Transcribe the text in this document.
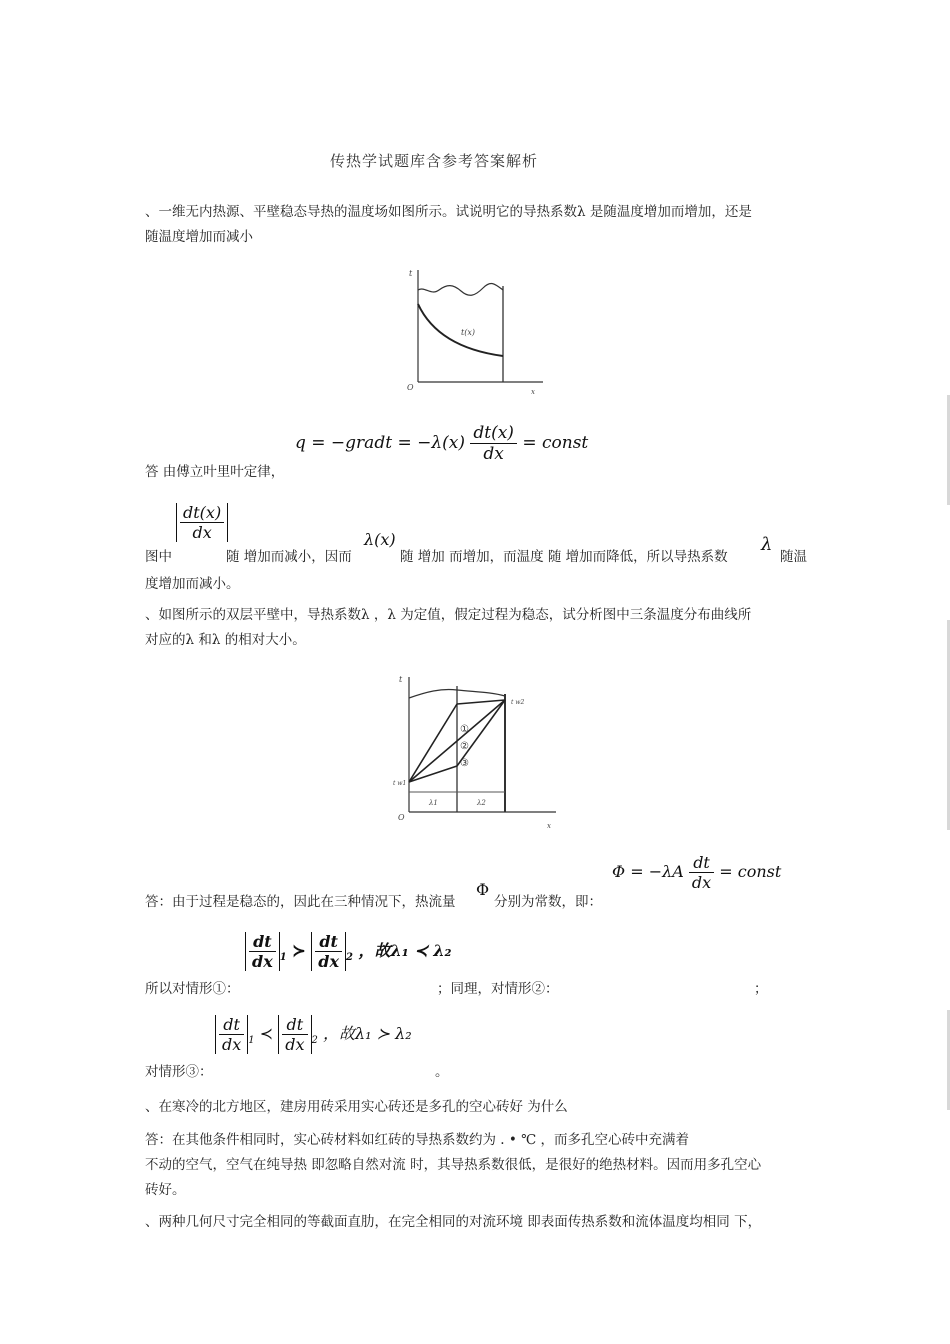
传热学试题库含参考答案解析
、一维无内热源、平壁稳态导热的温度场如图所示。试说明它的导热系数λ 是随温度增加而增加，还是
随温度增加而减小
t(x)
t
O	x
q = −gradt = $-\lambda(x) \frac{dt(x)}{dx}$ = const
答 由傅立叶里叶定律，
$\frac{dt(x)}{dx}$
图中	随 增加而减小，因而
λ(x)
随 增加 而增加，而温度 随 增加而降低，所以导热系数
λ
随温
度增加而减小。
、如图所示的双层平壁中，导热系数λ ，λ 为定值，假定过程为稳态，试分析图中三条温度分布曲线所
对应的λ 和λ 的相对大小。
①
②
③
t
t w1
t w2
λ1	λ2
O
x
$\Phi = -\lambda A \frac{dt}{dx}$ = const
答：由于过程是稳态的，因此在三种情况下，热流量
Φ
分别为常数，即：
$\frac{dt}{dx} _1$ ≻ $\frac{dt}{dx} _2$ ，故λ₁ ≺ λ₂
所以对情形①：	；同理，对情形②：	；
$\frac{dt}{dx} _1$ ≺ $\frac{dt}{dx} _2$ ，故λ₁ ≻ λ₂
对情形③：	。
、在寒冷的北方地区，建房用砖采用实心砖还是多孔的空心砖好 为什么
答：在其他条件相同时，实心砖材料如红砖的导热系数约为 . • ℃ ，而多孔空心砖中充满着
不动的空气，空气在纯导热 即忽略自然对流 时，其导热系数很低，是很好的绝热材料。因而用多孔空心
砖好。
、两种几何尺寸完全相同的等截面直肋，在完全相同的对流环境 即表面传热系数和流体温度均相同 下，
